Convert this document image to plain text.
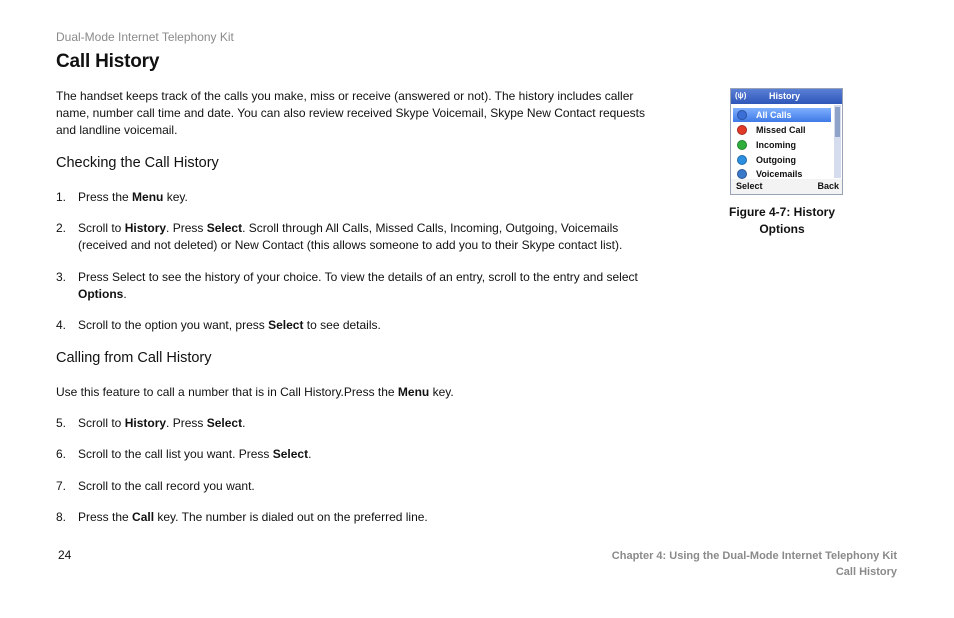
Dual-Mode Internet Telephony Kit
Call History

The handset keeps track of the calls you make, miss or receive (answered or not). The history includes caller name, number call time and date. You can also review received Skype Voicemail, Skype New Contact requests and landline voicemail.

Checking the Call History
1. Press the Menu key.
2. Scroll to History. Press Select. Scroll through All Calls, Missed Calls, Incoming, Outgoing, Voicemails (received and not deleted) or New Contact (this allows someone to add you to their Skype contact list).
3. Press Select to see the history of your choice. To view the details of an entry, scroll to the entry and select Options.
4. Scroll to the option you want, press Select to see details.
Calling from Call History

Use this feature to call a number that is in Call History.Press the Menu key.

5. Scroll to History. Press Select.
6. Scroll to the call list you want. Press Select.
7. Scroll to the call record you want.
8. Press the Call key. The number is dialed out on the preferred line.
(ψ)	History
All Calls
Missed Call
Incoming
Outgoing
Voicemails
Select	Back
Figure 4-7: History
Options
24	Chapter 4: Using the Dual-Mode Internet Telephony Kit
Call History
